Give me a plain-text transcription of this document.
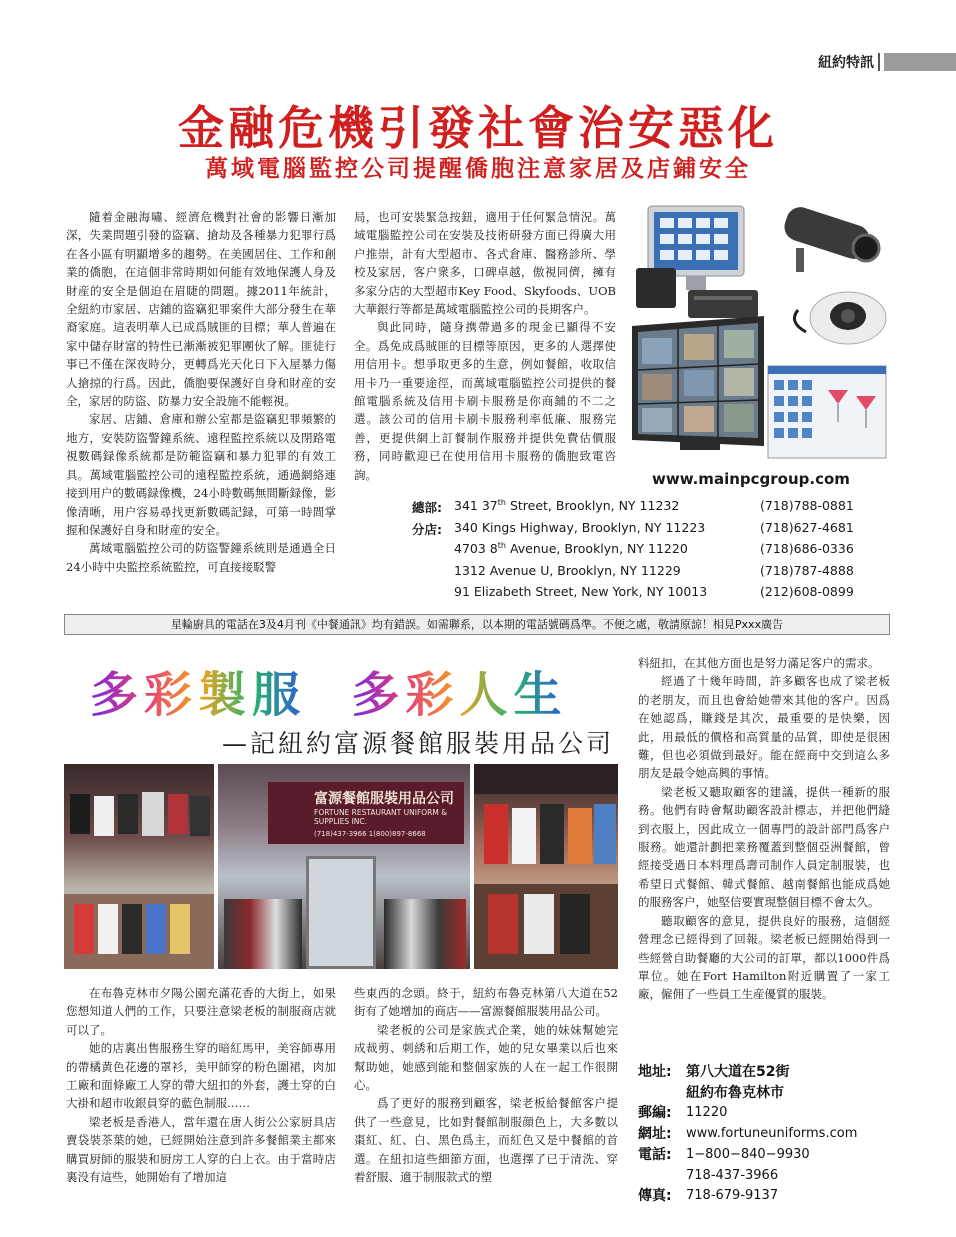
紐約特訊
金融危機引發社會治安惡化
萬域電腦監控公司提醒僑胞注意家居及店鋪安全

隨着金融海嘯、經濟危機對社會的影響日漸加深，失業問題引發的盜竊、搶劫及各種暴力犯罪行爲在各小區有明顯增多的趨勢。在美國居住、工作和創業的僑胞，在這個非常時期如何能有效地保護人身及財産的安全是個迫在眉睫的問題。據2011年統計，全紐約市家居、店鋪的盜竊犯罪案件大部分發生在華裔家庭。這表明華人已成爲賊匪的目標；華人普遍在家中儲存財富的特性已漸漸被犯罪團伙了解。匪徒行事已不僅在深夜時分，更轉爲光天化日下入屋暴力傷人搶掠的行爲。因此，僑胞要保護好自身和財産的安全，家居的防盜、防暴力安全設施不能輕視。

家居、店鋪、倉庫和辦公室都是盜竊犯罪頻繁的地方，安裝防盜警鐘系統、遠程監控系統以及閉路電視數碼録像系統都是防範盜竊和暴力犯罪的有效工具。萬域電腦監控公司的遠程監控系統，通過網絡連接到用户的數碼録像機，24小時數碼無間斷録像，影像清晰，用户容易尋找更新數碼記録，可第一時間掌握和保護好自身和財産的安全。

萬域電腦監控公司的防盜警鐘系統則是通過全日24小時中央監控系統監控，可直接接駁警

局，也可安裝緊急按鈕，適用于任何緊急情況。萬域電腦監控公司在安裝及技術研發方面已得廣大用户推崇，計有大型超市、各式倉庫、醫務診所、學校及家居，客户衆多，口碑卓越，傲視同儕，擁有多家分店的大型超市Key Food、Skyfoods、UOB大華銀行等都是萬域電腦監控公司的長期客户。

與此同時，隨身携帶過多的現金已顯得不安全。爲免成爲賊匪的目標等原因，更多的人選擇使用信用卡。想爭取更多的生意，例如餐館，收取信用卡乃一重要途徑，而萬域電腦監控公司提供的餐館電腦系統及信用卡刷卡服務是你商鋪的不二之選。該公司的信用卡刷卡服務利率低廉、服務完善，更提供網上訂餐制作服務并提供免費估價服務，同時歡迎已在使用信用卡服務的僑胞致電咨詢。	www.mainpcgroup.com
總部: 341 37th Street, Brooklyn, NY 11232	(718)788-0881
分店: 340 Kings Highway, Brooklyn, NY 11223	(718)627-4681
4703 8th Avenue, Brooklyn, NY 11220	(718)686-0336
1312 Avenue U, Brooklyn, NY 11229	(718)787-4888
91 Elizabeth Street, New York, NY 10013	(212)608-0899
星輪廚具的電話在3及4月刊《中餐通訊》均有錯誤。如需聯系，以本期的電話號碼爲準。不便之處，敬請原諒！相見Pxxx廣告
多彩製服 多彩人生
—記紐約富源餐館服裝用品公司
富源餐館服裝用品公司
FORTUNE RESTAURANT UNIFORM & SUPPLIES INC.
(718)437-3966 1(800)897-8668

在布魯克林市夕陽公園充滿花香的大街上，如果您想知道人們的工作，只要注意梁老板的制服商店就可以了。

她的店裏出售服務生穿的暗紅馬甲，美容師專用的帶橘黄色花邊的罩衫，美甲師穿的粉色圍裙，肉加工廠和面條廠工人穿的帶大紐扣的外套，護士穿的白大褂和超市收銀員穿的藍色制服……

梁老板是香港人，當年還在唐人街公公家厨具店賣袋裝茶葉的她，已經開始注意到許多餐館業主都來購買厨師的服裝和厨房工人穿的白上衣。由于當時店裏没有這些，她開始有了增加這

些東西的念頭。終于，紐約布魯克林第八大道在52街有了她增加的商店——富源餐館服裝用品公司。

梁老板的公司是家族式企業，她的妹妹幫她完成裁剪、刺綉和后期工作，她的兒女畢業以后也來幫助她，她感到能和整個家族的人在一起工作很開心。

爲了更好的服務到顧客，梁老板給餐館客户提供了一些意見，比如對餐館制服顔色上，大多數以棗紅、紅、白、黑色爲主，而紅色又是中餐館的首選。在紐扣這些細節方面，也選擇了已于清洗、穿着舒服、適于制服款式的塑

料紐扣，在其他方面也是努力滿足客户的需求。

經過了十幾年時間，許多顧客也成了梁老板的老朋友，而且也會給她帶來其他的客户。因爲在她認爲，賺錢是其次，最重要的是快樂，因此，用最低的價格和高質量的品質，即使是很困難，但也必須做到最好。能在經商中交到這么多朋友是最令她高興的事情。

梁老板又聽取顧客的建議，提供一種新的服務。他們有時會幫助顧客設計標志，并把他們縫到衣服上，因此成立一個專門的設計部門爲客户服務。她還計劃把業務覆蓋到整個亞洲餐館，曾經接受過日本料理爲壽司制作人員定制服裝，也希望日式餐館、韓式餐館、越南餐館也能成爲她的服務客户，她堅信要實現整個目標不會太久。

聽取顧客的意見，提供良好的服務，這個經營理念已經得到了回報。梁老板已經開始得到一些經營自助餐廳的大公司的訂單，都以1000件爲單位。她在Fort Hamilton附近購置了一家工廠，僱佣了一些員工生産優質的服裝。

地址: 第八大道在52街
紐約布魯克林市
郵編: 11220
網址: www.fortuneuniforms.com
電話: 1−800−840−9930
718-437-3966
傳真: 718-679-9137
